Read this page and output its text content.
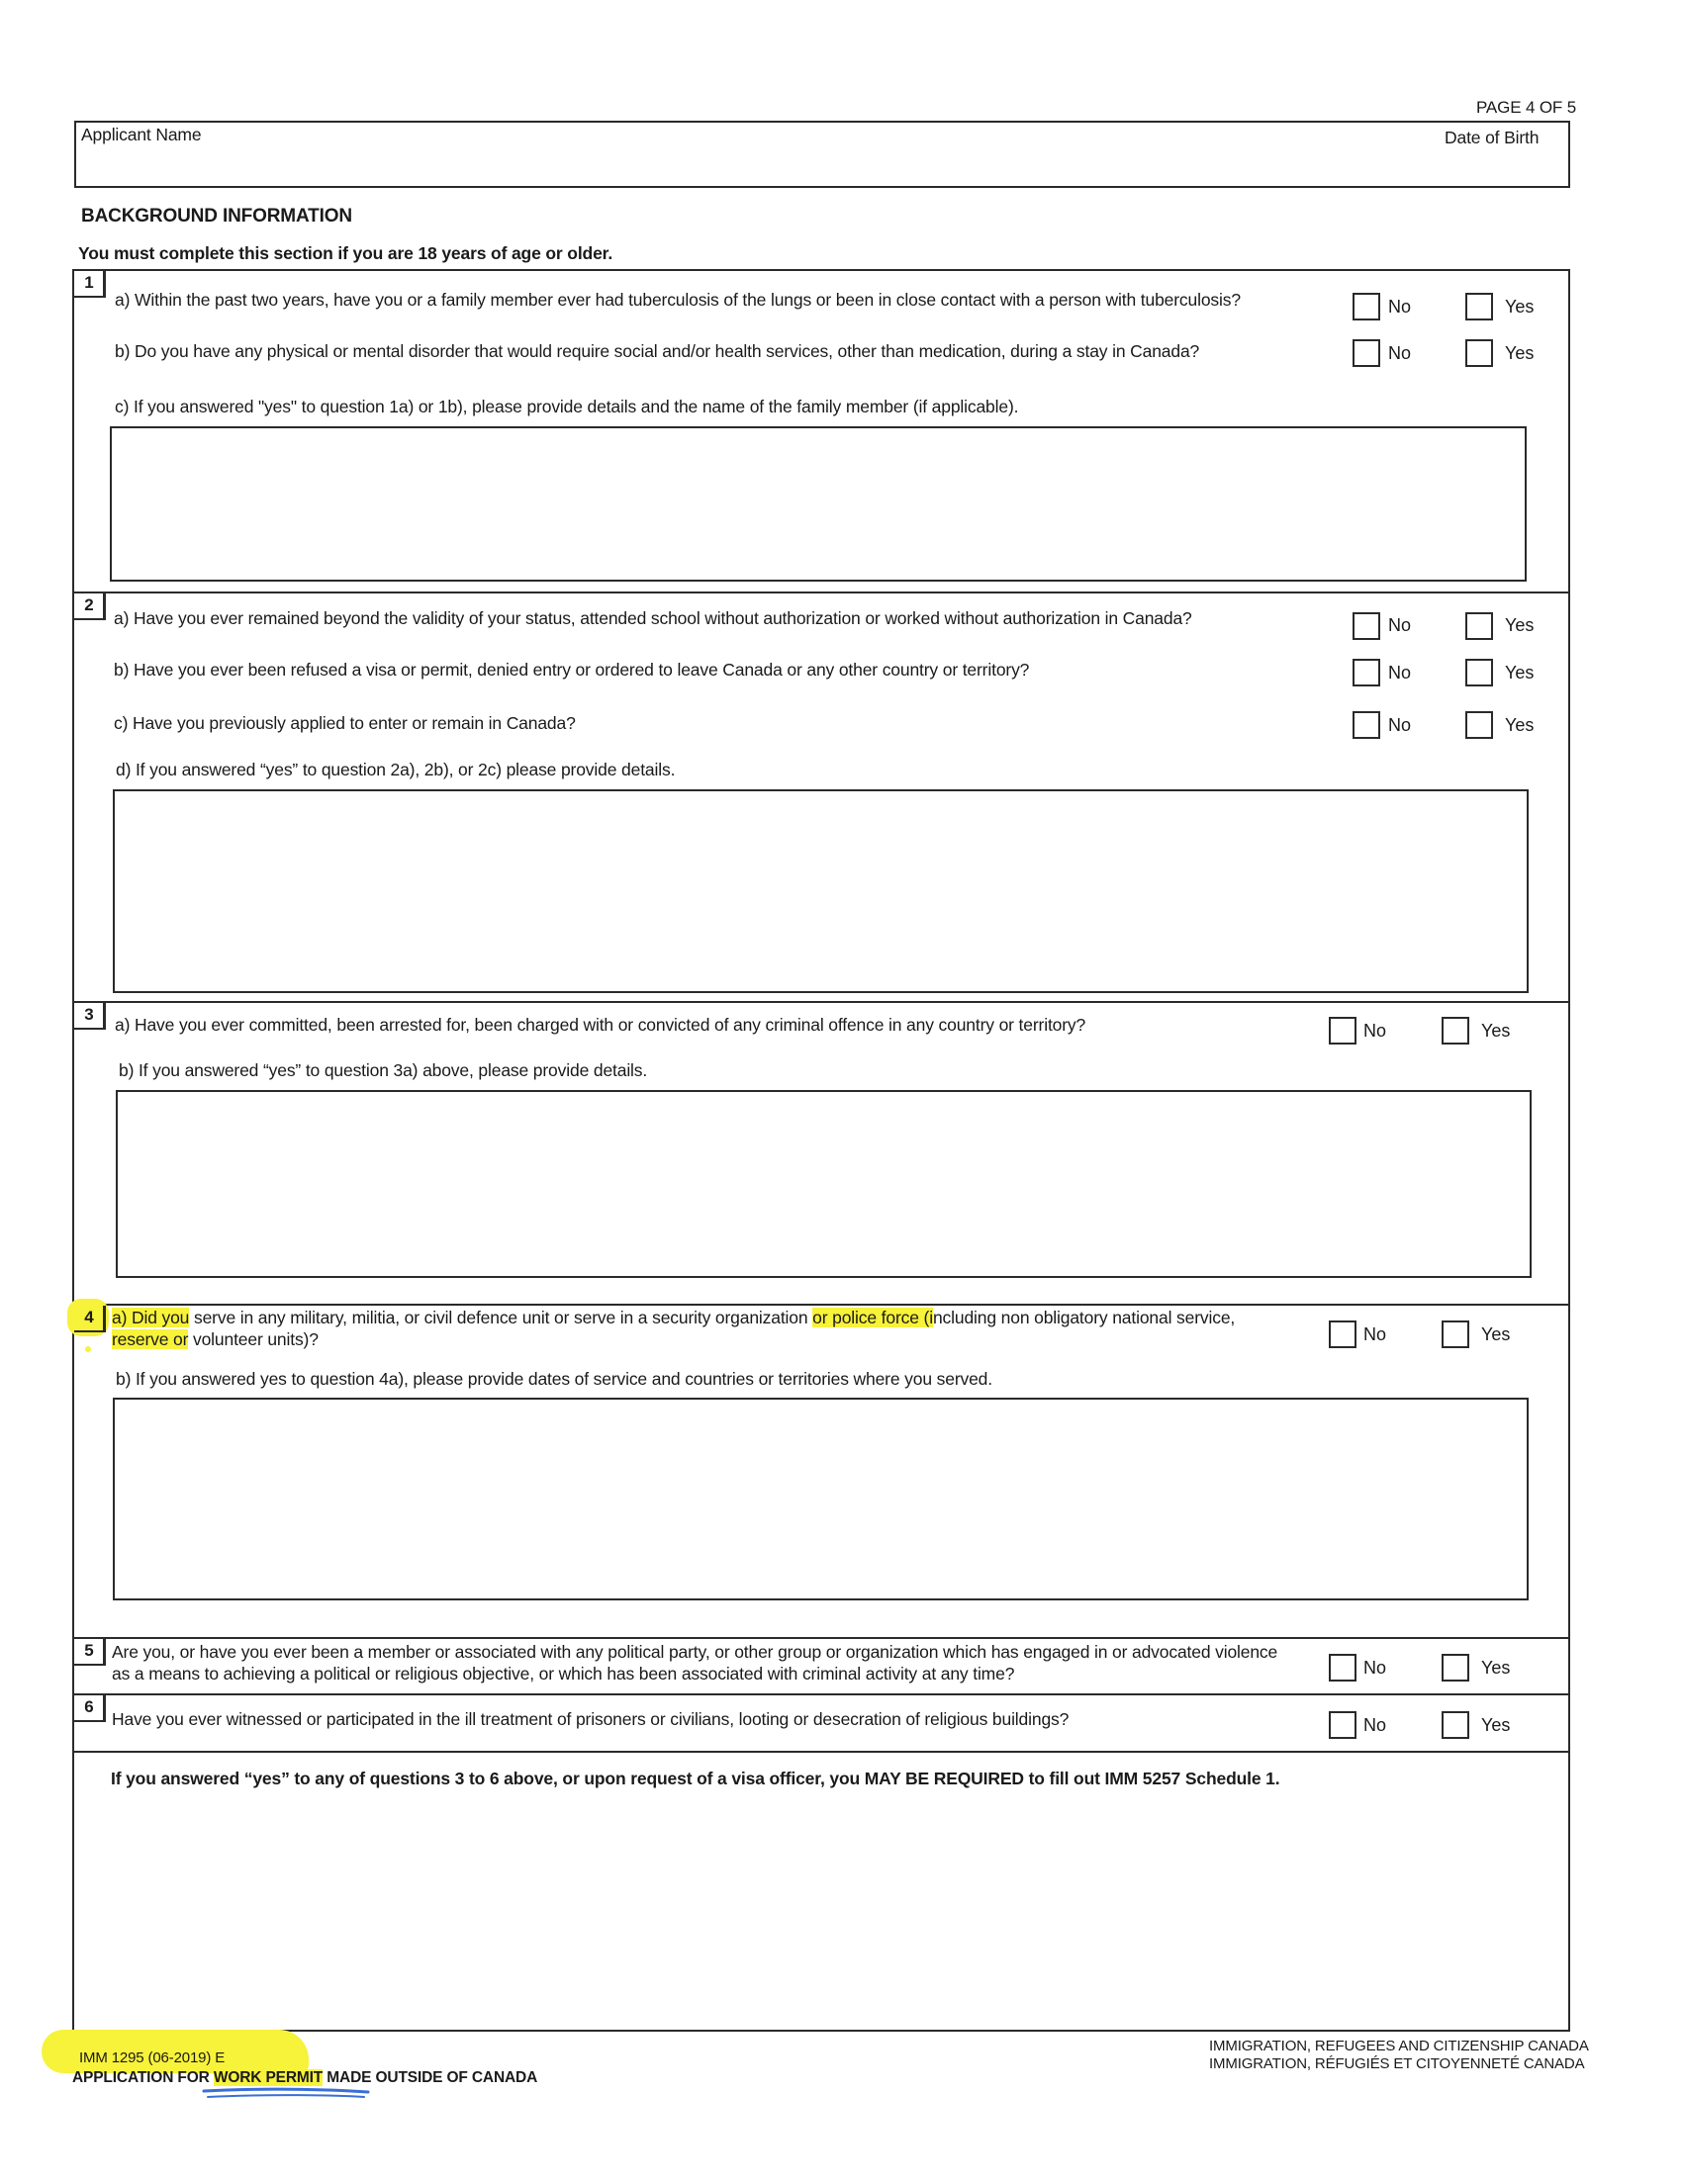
PAGE 4 OF 5
Applicant Name	Date of Birth
BACKGROUND INFORMATION
You must complete this section if you are 18 years of age or older.
1
a) Within the past two years, have you or a family member ever had tuberculosis of the lungs or been in close contact with a person with tuberculosis?	No	Yes
b) Do you have any physical or mental disorder that would require social and/or health services, other than medication, during a stay in Canada?	No	Yes
c) If you answered "yes" to question 1a) or 1b), please provide details and the name of the family member (if applicable).
2
a) Have you ever remained beyond the validity of your status, attended school without authorization or worked without authorization in Canada?	No	Yes
b) Have you ever been refused a visa or permit, denied entry or ordered to leave Canada or any other country or territory?	No	Yes
c) Have you previously applied to enter or remain in Canada?	No	Yes
d) If you answered “yes” to question 2a), 2b), or 2c) please provide details.
3
a) Have you ever committed, been arrested for, been charged with or convicted of any criminal offence in any country or territory?	No	Yes
b) If you answered “yes” to question 3a) above, please provide details.
4	a) Did you serve in any military, militia, or civil defence unit or serve in a security organization or police force (including non obligatory national service,
reserve or volunteer units)?	No	Yes
b) If you answered yes to question 4a), please provide dates of service and countries or territories where you served.
5	Are you, or have you ever been a member or associated with any political party, or other group or organization which has engaged in or advocated violence
as a means to achieving a political or religious objective, or which has been associated with criminal activity at any time?	No	Yes
6
Have you ever witnessed or participated in the ill treatment of prisoners or civilians, looting or desecration of religious buildings?	No	Yes
If you answered “yes” to any of questions 3 to 6 above, or upon request of a visa officer, you MAY BE REQUIRED to fill out IMM 5257 Schedule 1.
IMM 1295 (06-2019) E
APPLICATION FOR WORK PERMIT MADE OUTSIDE OF CANADA
IMMIGRATION, REFUGEES AND CITIZENSHIP CANADA
IMMIGRATION, RÉFUGIÉS ET CITOYENNETÉ CANADA
